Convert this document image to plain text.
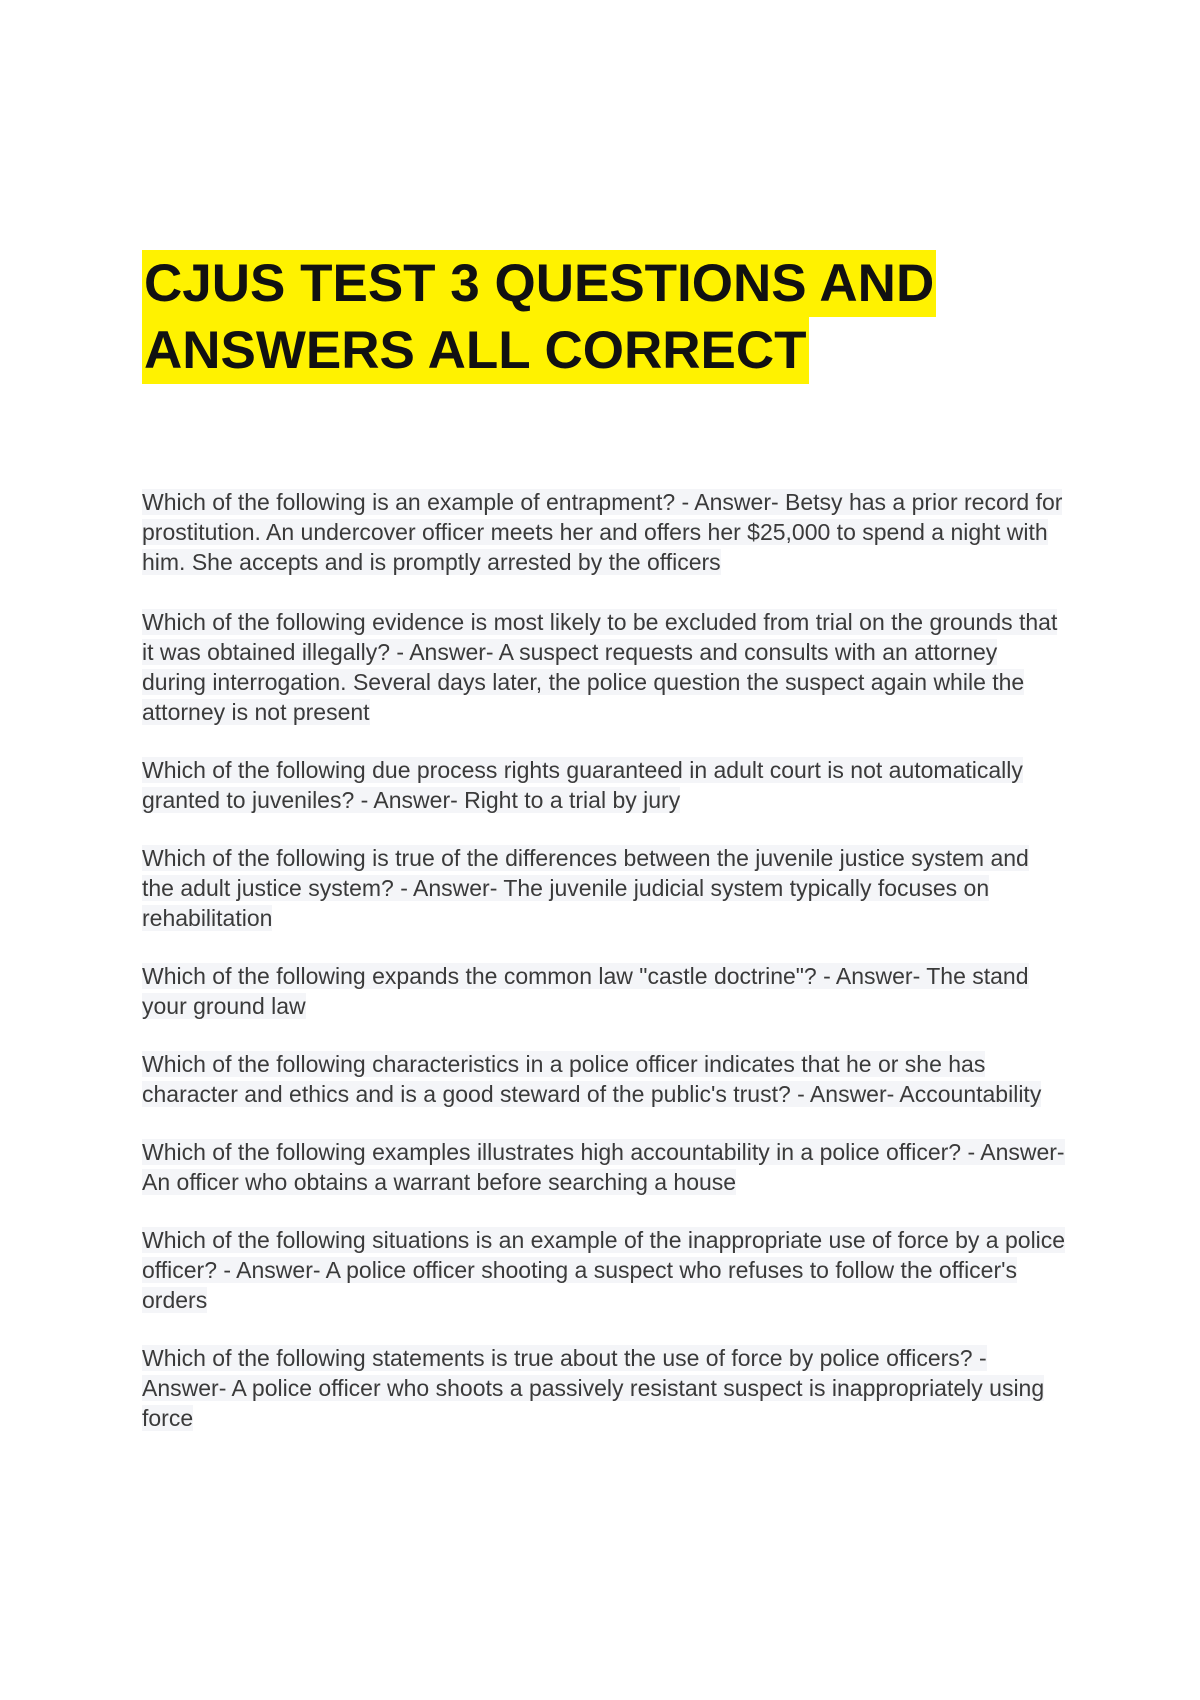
CJUS TEST 3 QUESTIONS AND
ANSWERS ALL CORRECT

Which of the following is an example of entrapment? - Answer- Betsy has a prior record for prostitution. An undercover officer meets her and offers her $25,000 to spend a night with him. She accepts and is promptly arrested by the officers

Which of the following evidence is most likely to be excluded from trial on the grounds that it was obtained illegally? - Answer- A suspect requests and consults with an attorney during interrogation. Several days later, the police question the suspect again while the attorney is not present

Which of the following due process rights guaranteed in adult court is not automatically granted to juveniles? - Answer- Right to a trial by jury

Which of the following is true of the differences between the juvenile justice system and the adult justice system? - Answer- The juvenile judicial system typically focuses on rehabilitation

Which of the following expands the common law "castle doctrine"? - Answer- The stand your ground law

Which of the following characteristics in a police officer indicates that he or she has character and ethics and is a good steward of the public's trust? - Answer- Accountability

Which of the following examples illustrates high accountability in a police officer? - Answer- An officer who obtains a warrant before searching a house

Which of the following situations is an example of the inappropriate use of force by a police officer? - Answer- A police officer shooting a suspect who refuses to follow the officer's orders

Which of the following statements is true about the use of force by police officers? - Answer- A police officer who shoots a passively resistant suspect is inappropriately using force
